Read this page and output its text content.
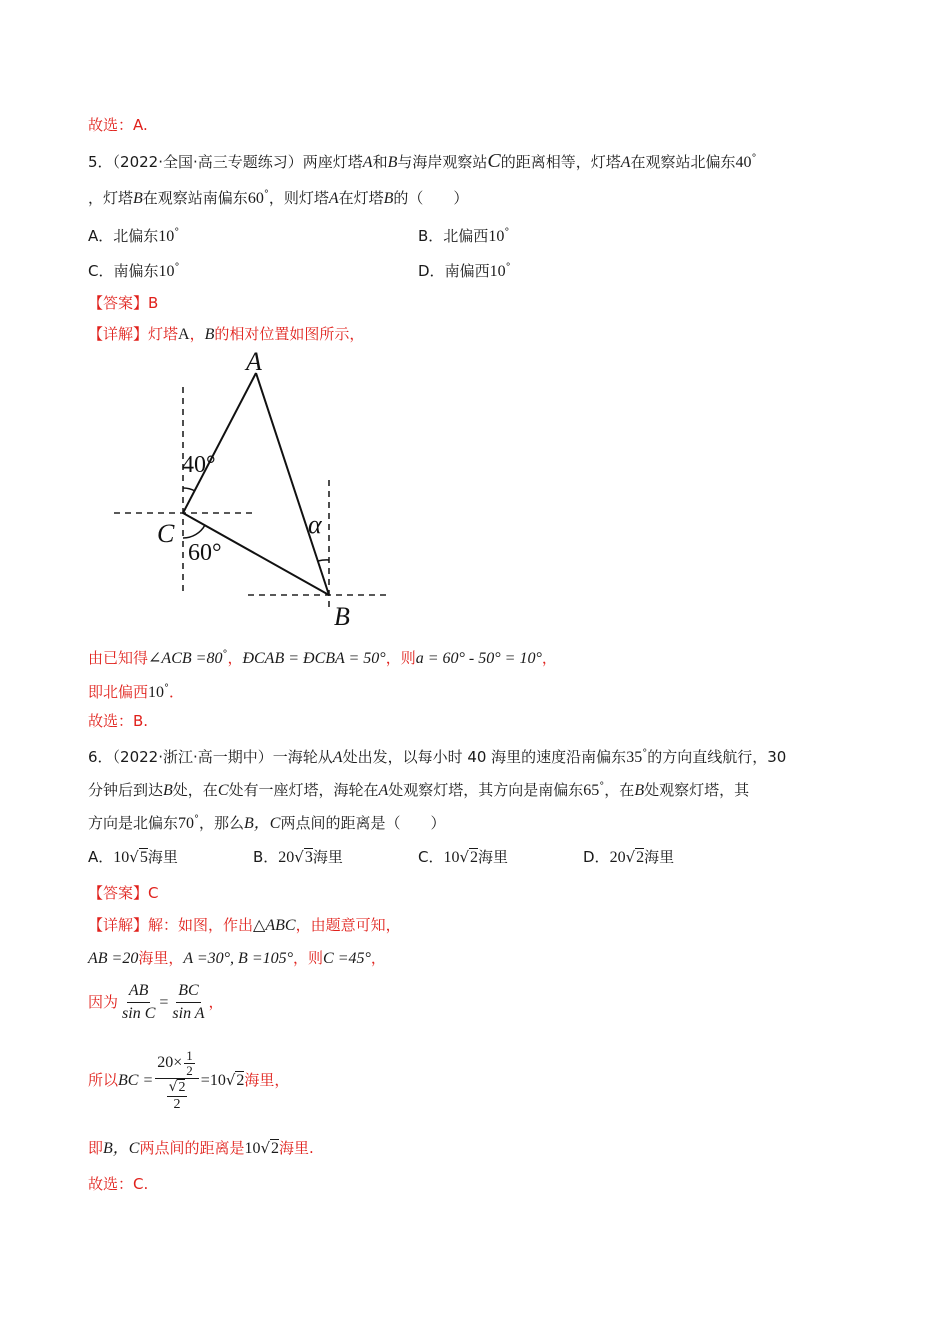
故选：A.
5．（2022·全国·高三专题练习）两座灯塔A和B与海岸观察站C的距离相等，灯塔A在观察站北偏东40°
，灯塔B在观察站南偏东60°，则灯塔A在灯塔B的（　　）
A．北偏东10°	B．北偏西10°
C．南偏东10°	D．南偏西10°
【答案】B
【详解】灯塔A，B的相对位置如图所示，
A
C
B
40°
60°
α
由已知得∠ACB =80°，ĐCAB = ĐCBA = 50°，则a = 60° - 50° = 10°，
即北偏西10°．
故选：B.
6．（2022·浙江·高一期中）一海轮从A处出发，以每小时 40 海里的速度沿南偏东35°的方向直线航行，30
分钟后到达B处，在C处有一座灯塔，海轮在A处观察灯塔，其方向是南偏东65°，在B处观察灯塔，其
方向是北偏东70°，那么B，C两点间的距离是（　　）
A．10√5海里	B．20√3海里	C．10√2海里	D．20√2海里
【答案】C
【详解】解：如图，作出△ABC，由题意可知，
AB =20海里，A =30°, B =105°，则C =45°，
因为 $\frac{AB}{\text{sin C}} = \frac{BC}{\text{sin A}}$ ，
所以BC = $\frac{20\times \frac{1}{2}}{\frac{√2}{2}} =10√2$海里，
即B，C两点间的距离是10√2海里.
故选：C.
